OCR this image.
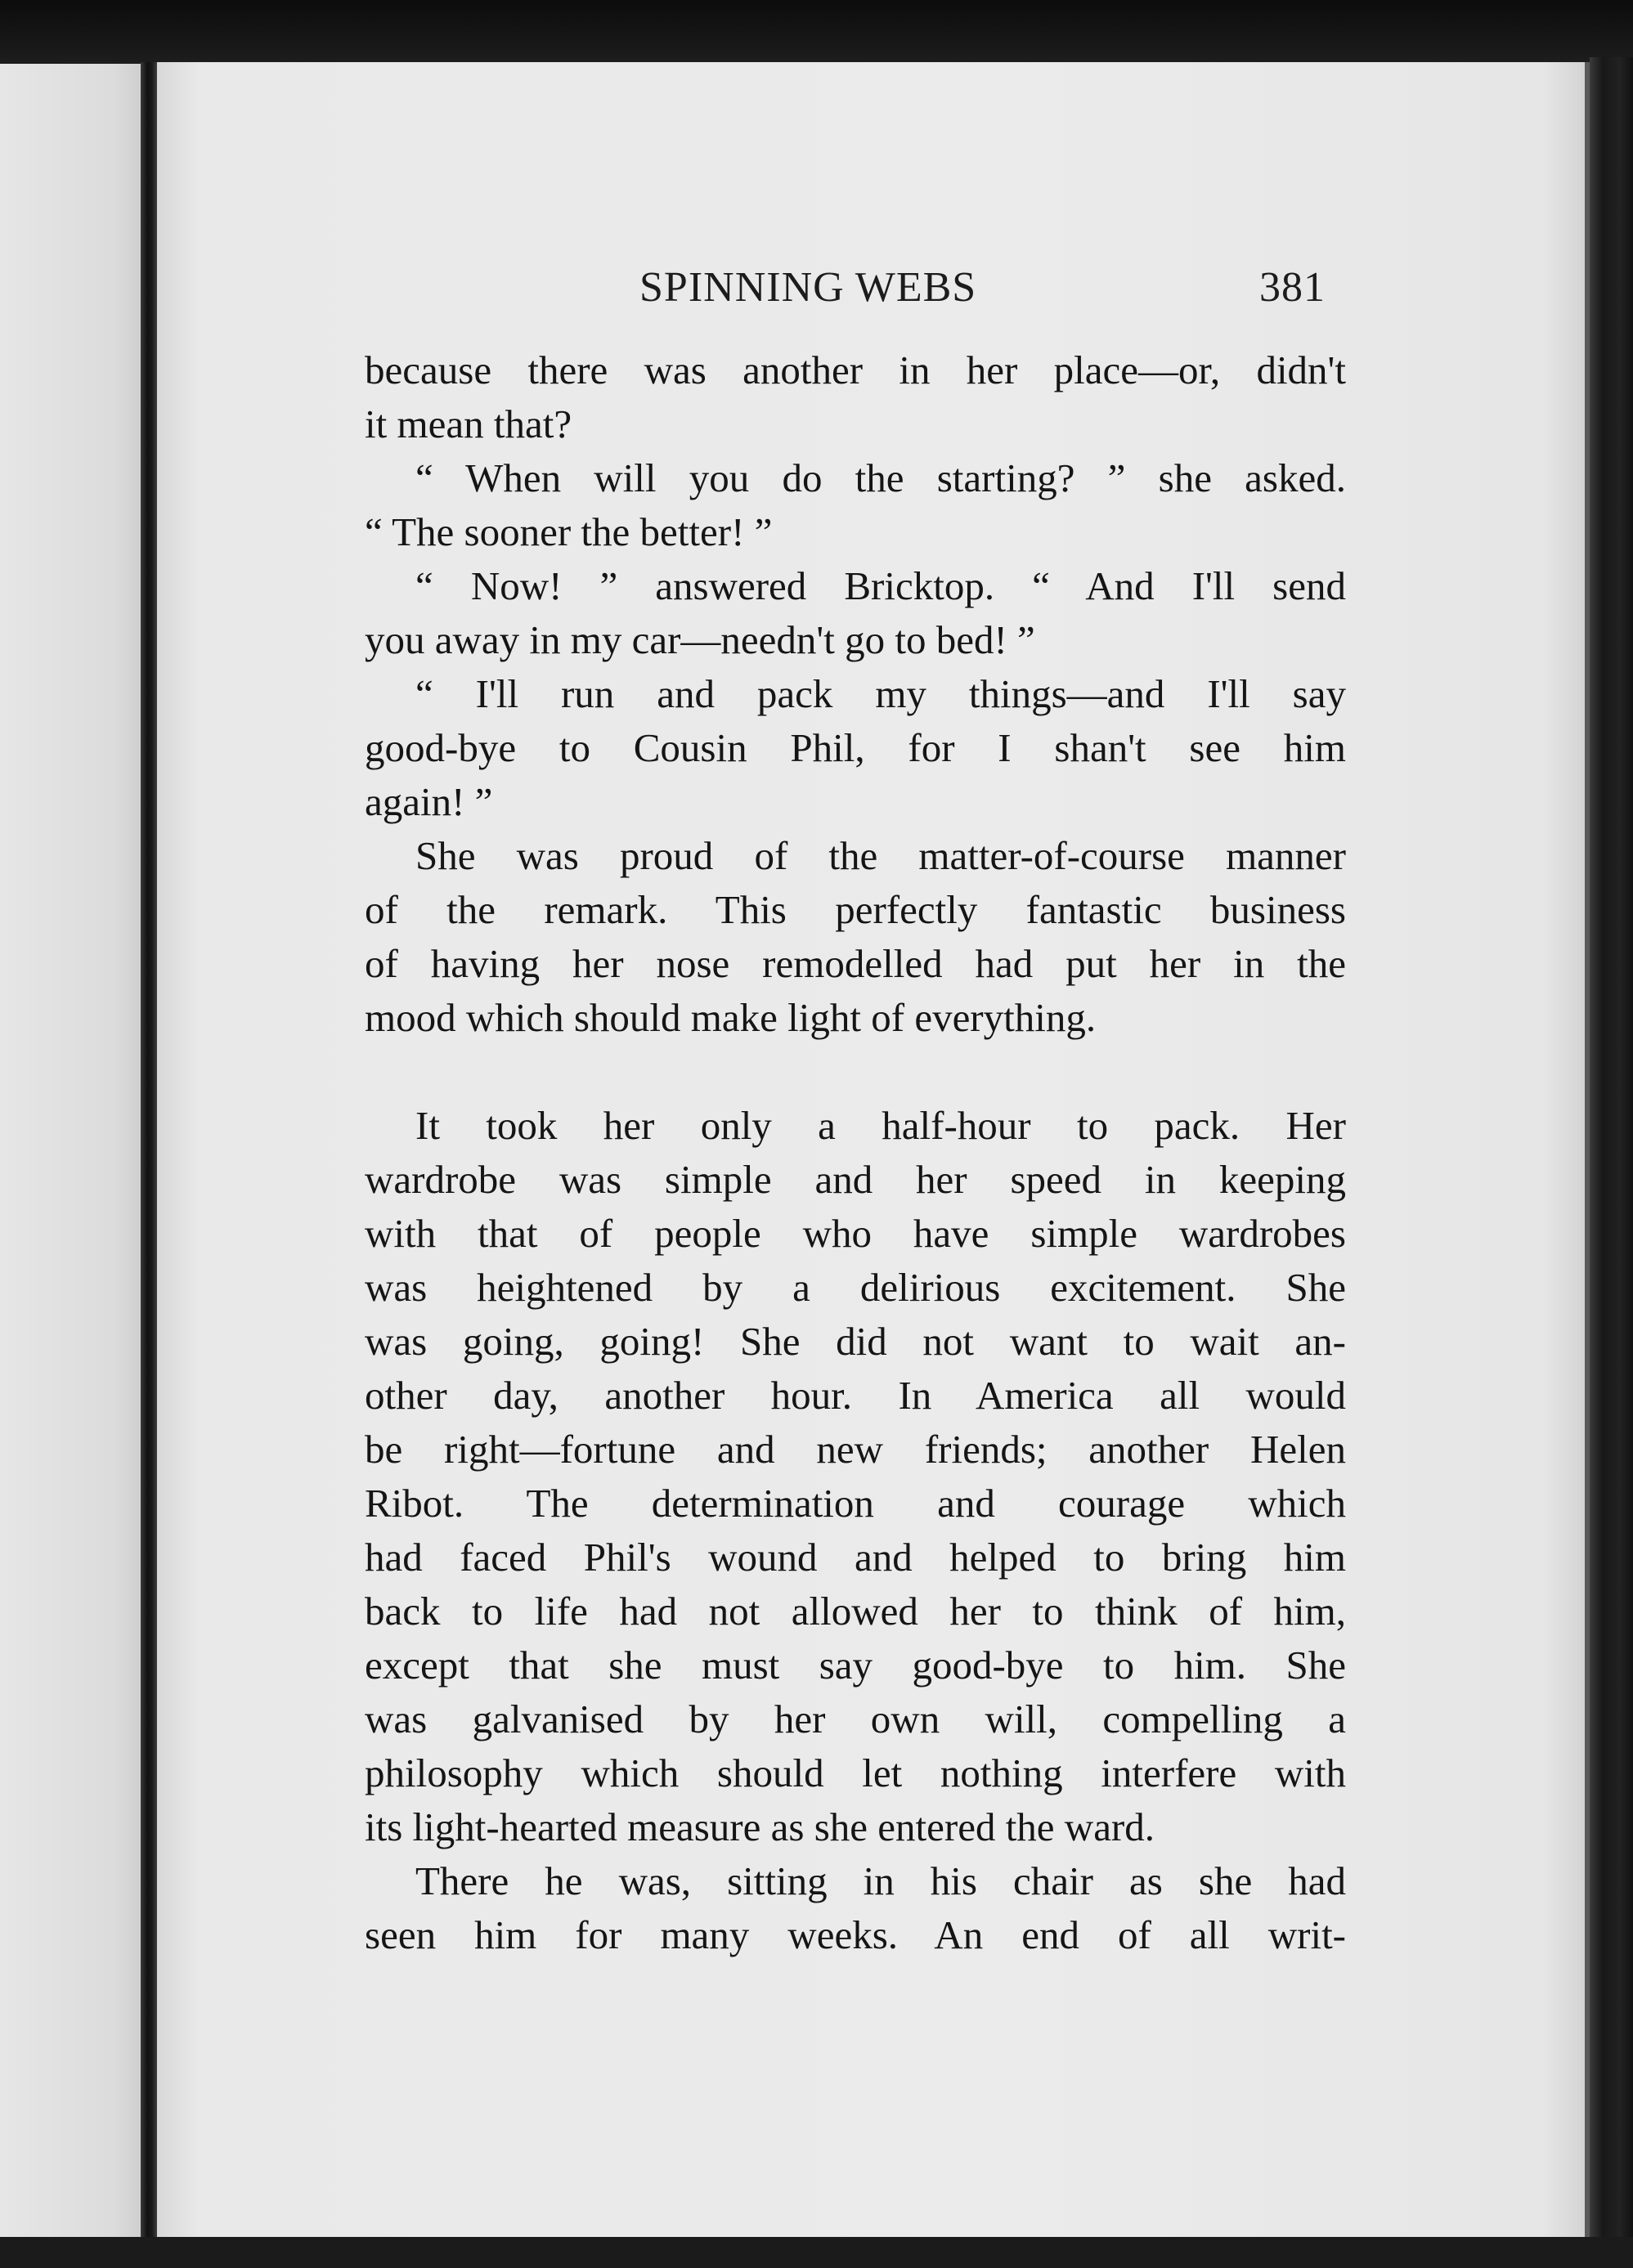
SPINNING WEBS	381
because there was another in her place—or, didn't
it mean that?
“ When will you do the starting? ” she asked.
“ The sooner the better! ”
“ Now! ” answered Bricktop. “ And I'll send
you away in my car—needn't go to bed! ”
“ I'll run and pack my things—and I'll say
good-bye to Cousin Phil, for I shan't see him
again! ”
She was proud of the matter-of-course manner
of the remark. This perfectly fantastic business
of having her nose remodelled had put her in the
mood which should make light of everything.
It took her only a half-hour to pack. Her
wardrobe was simple and her speed in keeping
with that of people who have simple wardrobes
was heightened by a delirious excitement. She
was going, going! She did not want to wait an-
other day, another hour. In America all would
be right—fortune and new friends; another Helen
Ribot. The determination and courage which
had faced Phil's wound and helped to bring him
back to life had not allowed her to think of him,
except that she must say good-bye to him. She
was galvanised by her own will, compelling a
philosophy which should let nothing interfere with
its light-hearted measure as she entered the ward.
There he was, sitting in his chair as she had
seen him for many weeks. An end of all writ-
